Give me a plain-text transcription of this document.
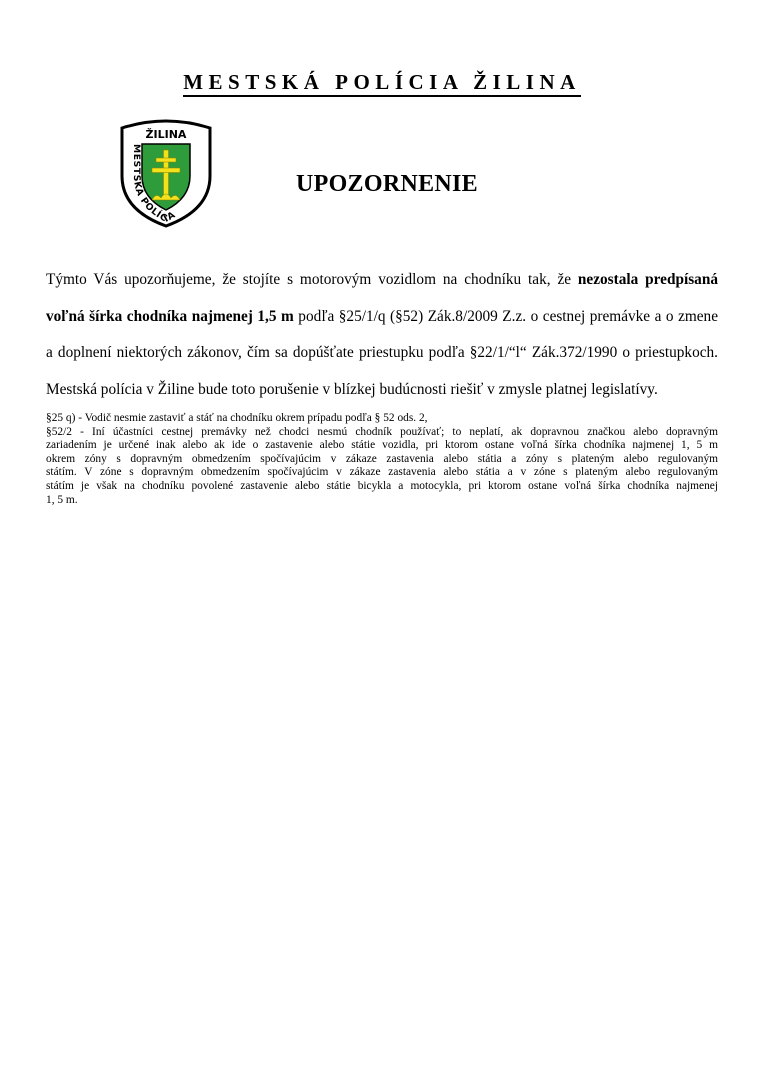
MESTSKÁ POLÍCIA ŽILINA
ŽILINA
MESTSKÁ POLÍCIA
UPOZORNENIE
Týmto Vás upozorňujeme, že stojíte s motorovým vozidlom na chodníku tak, že nezostala predpísaná
voľná šírka chodníka najmenej 1,5 m podľa §25/1/q (§52) Zák.8/2009 Z.z. o cestnej premávke a o zmene
a doplnení niektorých zákonov, čím sa dopúšťate priestupku podľa §22/1/“l“ Zák.372/1990 o priestupkoch.
Mestská polícia v Žiline bude toto porušenie v blízkej budúcnosti riešiť v zmysle platnej legislatívy.
§25 q) - Vodič nesmie zastaviť a stáť na chodníku okrem prípadu podľa § 52 ods. 2,
§52/2 - Iní účastníci cestnej premávky než chodci nesmú chodník používať; to neplatí, ak dopravnou značkou alebo dopravným
zariadením je určené inak alebo ak ide o zastavenie alebo státie vozidla, pri ktorom ostane voľná šírka chodníka najmenej 1, 5 m
okrem zóny s dopravným obmedzením spočívajúcim v zákaze zastavenia alebo státia a zóny s plateným alebo regulovaným
státím. V zóne s dopravným obmedzením spočívajúcim v zákaze zastavenia alebo státia a v zóne s plateným alebo regulovaným
státím je však na chodníku povolené zastavenie alebo státie bicykla a motocykla, pri ktorom ostane voľná šírka chodníka najmenej
1, 5 m.
